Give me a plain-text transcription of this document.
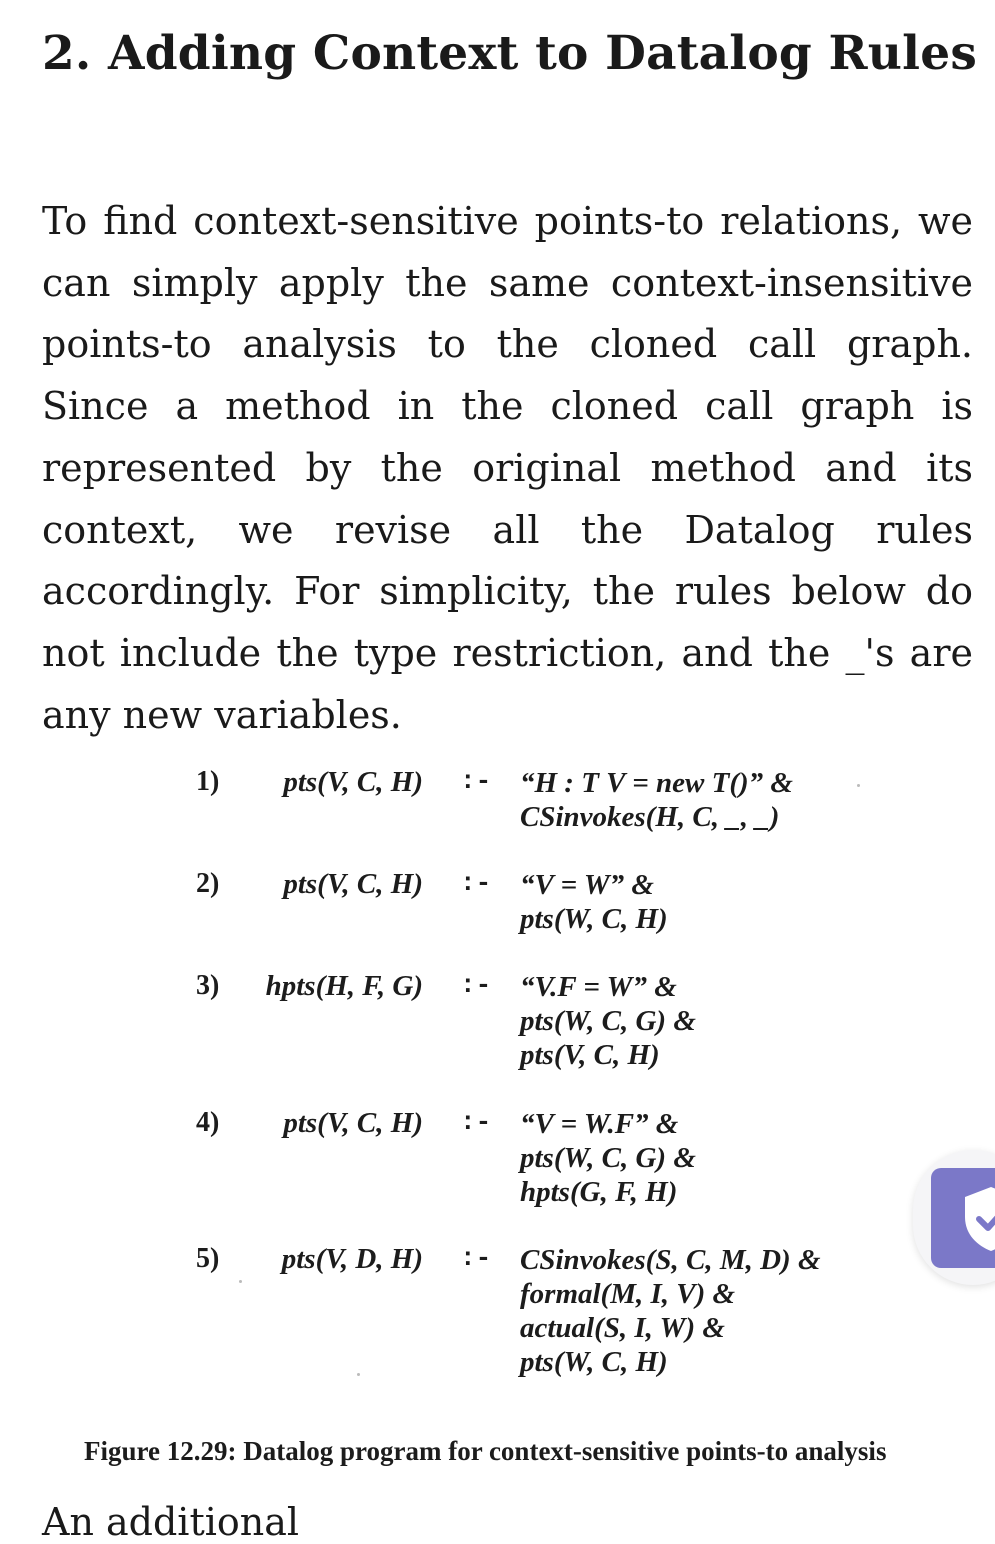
2. Adding Context to Datalog Rules

To find context-sensitive points-to relations, we can simply apply the same context-insensitive points-to analysis to the cloned call graph. Since a method in the cloned call graph is represented by the original method and its context, we revise all the Datalog rules accordingly. For simplicity, the rules below do not include the type restriction, and the _'s are any new variables.

1) pts(V, C, H) :- “H : T V = new T()” &
CSinvokes(H, C, _, _)
2) pts(V, C, H) :- “V = W” &
pts(W, C, H)
3) hpts(H, F, G) :- “V.F = W” &
pts(W, C, G) &
pts(V, C, H)
4) pts(V, C, H) :- “V = W.F” &
pts(W, C, G) &
hpts(G, F, H)
5) pts(V, D, H) :- CSinvokes(S, C, M, D) &
formal(M, I, V) &
actual(S, I, W) &
pts(W, C, H)
Figure 12.29: Datalog program for context-sensitive points-to analysis
An additional
